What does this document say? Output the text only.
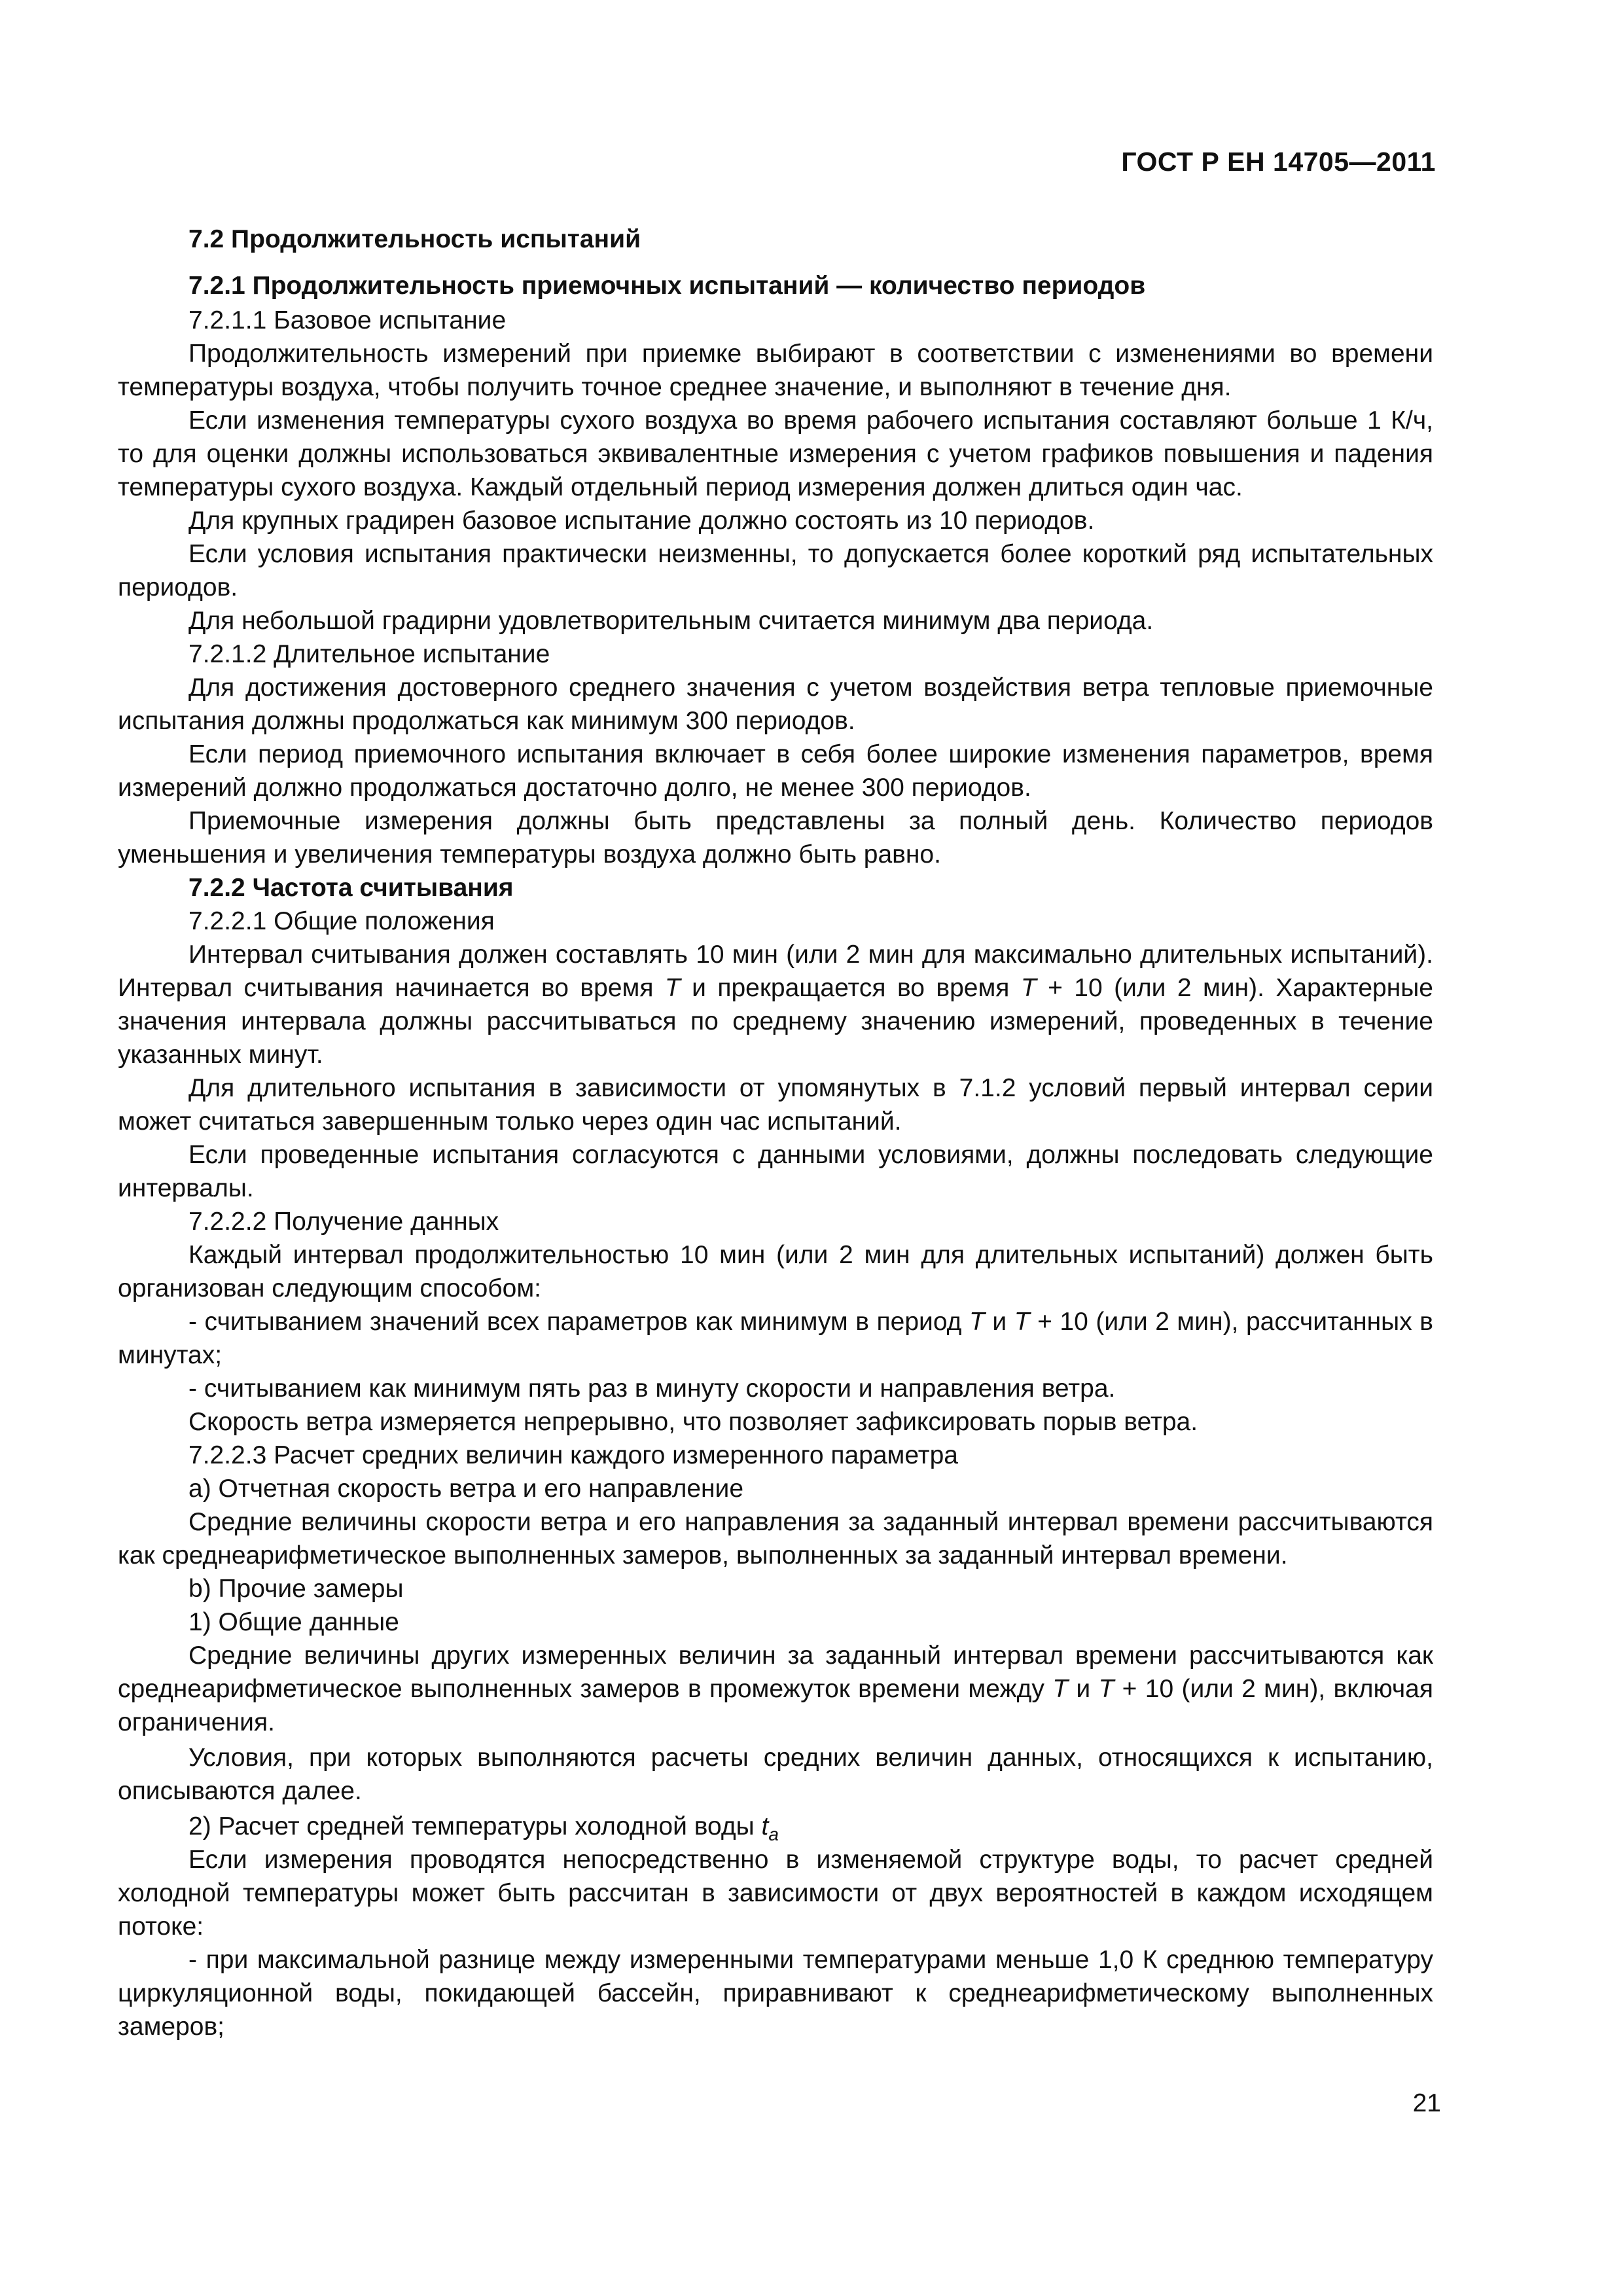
ГОСТ Р ЕН 14705—2011

7.2 Продолжительность испытаний

7.2.1 Продолжительность приемочных испытаний — количество периодов

7.2.1.1 Базовое испытание

Продолжительность измерений при приемке выбирают в соответствии с изменениями во времени температуры воздуха, чтобы получить точное среднее значение, и выполняют в течение дня.

Если изменения температуры сухого воздуха во время рабочего испытания составляют больше 1 К/ч, то для оценки должны использоваться эквивалентные измерения с учетом графиков повышения и падения температуры сухого воздуха. Каждый отдельный период измерения должен длиться один час.

Для крупных градирен базовое испытание должно состоять из 10 периодов.

Если условия испытания практически неизменны, то допускается более короткий ряд испытательных периодов.

Для небольшой градирни удовлетворительным считается минимум два периода.

7.2.1.2 Длительное испытание

Для достижения достоверного среднего значения с учетом воздействия ветра тепловые приемочные испытания должны продолжаться как минимум 300 периодов.

Если период приемочного испытания включает в себя более широкие изменения параметров, время измерений должно продолжаться достаточно долго, не менее 300 периодов.

Приемочные измерения должны быть представлены за полный день. Количество периодов уменьшения и увеличения температуры воздуха должно быть равно.

7.2.2 Частота считывания

7.2.2.1 Общие положения

Интервал считывания должен составлять 10 мин (или 2 мин для максимально длительных испытаний). Интервал считывания начинается во время T и прекращается во время T + 10 (или 2 мин). Характерные значения интервала должны рассчитываться по среднему значению измерений, проведенных в течение указанных минут.

Для длительного испытания в зависимости от упомянутых в 7.1.2 условий первый интервал серии может считаться завершенным только через один час испытаний.

Если проведенные испытания согласуются с данными условиями, должны последовать следующие интервалы.

7.2.2.2 Получение данных

Каждый интервал продолжительностью 10 мин (или 2 мин для длительных испытаний) должен быть организован следующим способом:

- считыванием значений всех параметров как минимум в период T и T + 10 (или 2 мин), рассчитанных в минутах;

- считыванием как минимум пять раз в минуту скорости и направления ветра.

Скорость ветра измеряется непрерывно, что позволяет зафиксировать порыв ветра.

7.2.2.3 Расчет средних величин каждого измеренного параметра

а) Отчетная скорость ветра и его направление

Средние величины скорости ветра и его направления за заданный интервал времени рассчитываются как среднеарифметическое выполненных замеров, выполненных за заданный интервал времени.

b) Прочие замеры

1) Общие данные

Средние величины других измеренных величин за заданный интервал времени рассчитываются как среднеарифметическое выполненных замеров в промежуток времени между T и T + 10 (или 2 мин), включая ограничения.

Условия, при которых выполняются расчеты средних величин данных, относящихся к испытанию, описываются далее.

2) Расчет средней температуры холодной воды $t_a$

Если измерения проводятся непосредственно в изменяемой структуре воды, то расчет средней холодной температуры может быть рассчитан в зависимости от двух вероятностей в каждом исходящем потоке:

- при максимальной разнице между измеренными температурами меньше 1,0 К среднюю температуру циркуляционной воды, покидающей бассейн, приравнивают к среднеарифметическому выполненных замеров;

21
